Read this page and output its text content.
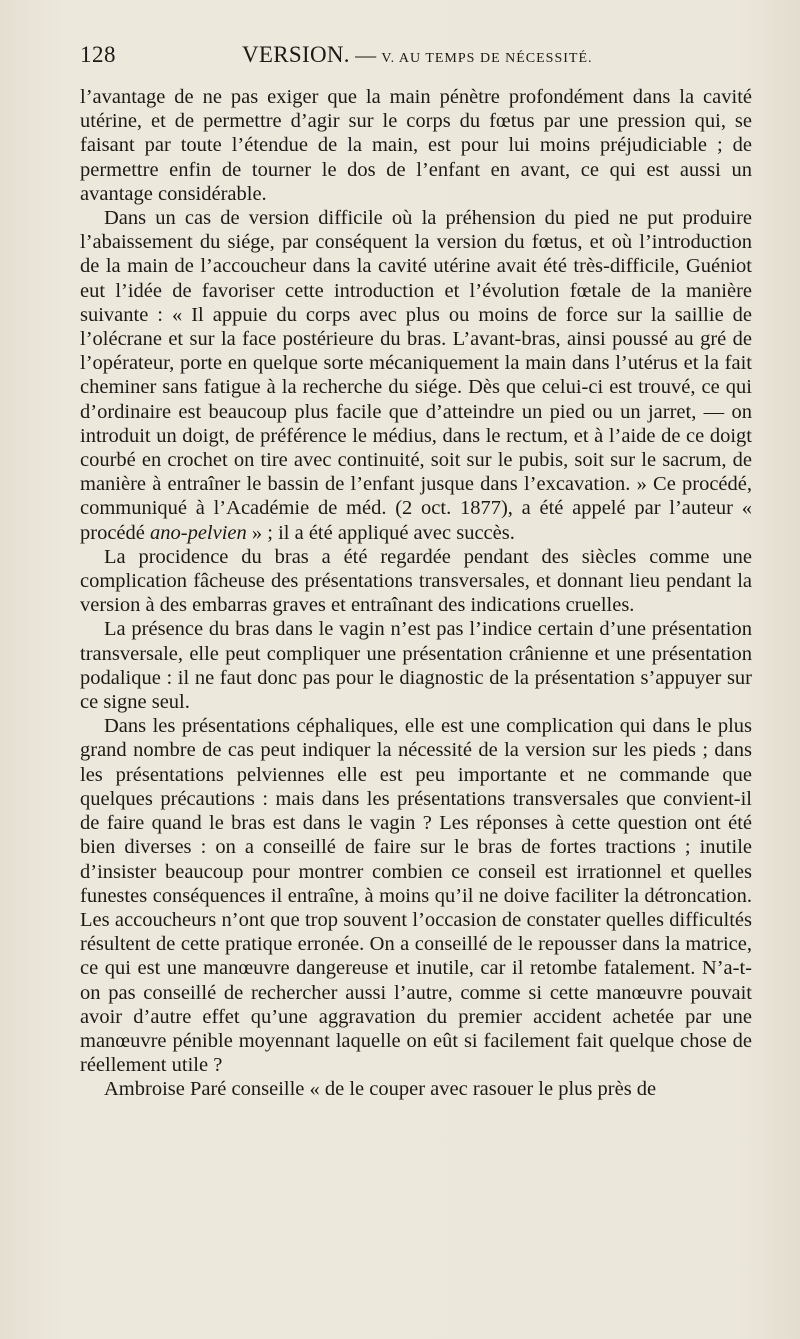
128	VERSION. — V. AU TEMPS DE NÉCESSITÉ.

l’avantage de ne pas exiger que la main pénètre profondément dans la cavité utérine, et de permettre d’agir sur le corps du fœtus par une pression qui, se faisant par toute l’étendue de la main, est pour lui moins préjudiciable ; de permettre enfin de tourner le dos de l’enfant en avant, ce qui est aussi un avantage considérable.

Dans un cas de version difficile où la préhension du pied ne put produire l’abaissement du siége, par conséquent la version du fœtus, et où l’introduction de la main de l’accoucheur dans la cavité utérine avait été très-difficile, Guéniot eut l’idée de favoriser cette introduction et l’évolution fœtale de la manière suivante : « Il appuie du corps avec plus ou moins de force sur la saillie de l’olécrane et sur la face postérieure du bras. L’avant-bras, ainsi poussé au gré de l’opérateur, porte en quelque sorte mécaniquement la main dans l’utérus et la fait cheminer sans fatigue à la recherche du siége. Dès que celui-ci est trouvé, ce qui d’ordinaire est beaucoup plus facile que d’atteindre un pied ou un jarret, — on introduit un doigt, de préférence le médius, dans le rectum, et à l’aide de ce doigt courbé en crochet on tire avec continuité, soit sur le pubis, soit sur le sacrum, de manière à entraîner le bassin de l’enfant jusque dans l’excavation. » Ce procédé, communiqué à l’Académie de méd. (2 oct. 1877), a été appelé par l’auteur « procédé ano-pelvien » ; il a été appliqué avec succès.

La procidence du bras a été regardée pendant des siècles comme une complication fâcheuse des présentations transversales, et donnant lieu pendant la version à des embarras graves et entraînant des indications cruelles.

La présence du bras dans le vagin n’est pas l’indice certain d’une présentation transversale, elle peut compliquer une présentation crânienne et une présentation podalique : il ne faut donc pas pour le diagnostic de la présentation s’appuyer sur ce signe seul.

Dans les présentations céphaliques, elle est une complication qui dans le plus grand nombre de cas peut indiquer la nécessité de la version sur les pieds ; dans les présentations pelviennes elle est peu importante et ne commande que quelques précautions : mais dans les présentations transversales que convient-il de faire quand le bras est dans le vagin ? Les réponses à cette question ont été bien diverses : on a conseillé de faire sur le bras de fortes tractions ; inutile d’insister beaucoup pour montrer combien ce conseil est irrationnel et quelles funestes conséquences il entraîne, à moins qu’il ne doive faciliter la détroncation. Les accoucheurs n’ont que trop souvent l’occasion de constater quelles difficultés résultent de cette pratique erronée. On a conseillé de le repousser dans la matrice, ce qui est une manœuvre dangereuse et inutile, car il retombe fatalement. N’a-t-on pas conseillé de rechercher aussi l’autre, comme si cette manœuvre pouvait avoir d’autre effet qu’une aggravation du premier accident achetée par une manœuvre pénible moyennant laquelle on eût si facilement fait quelque chose de réellement utile ?

Ambroise Paré conseille « de le couper avec rasouer le plus près de
